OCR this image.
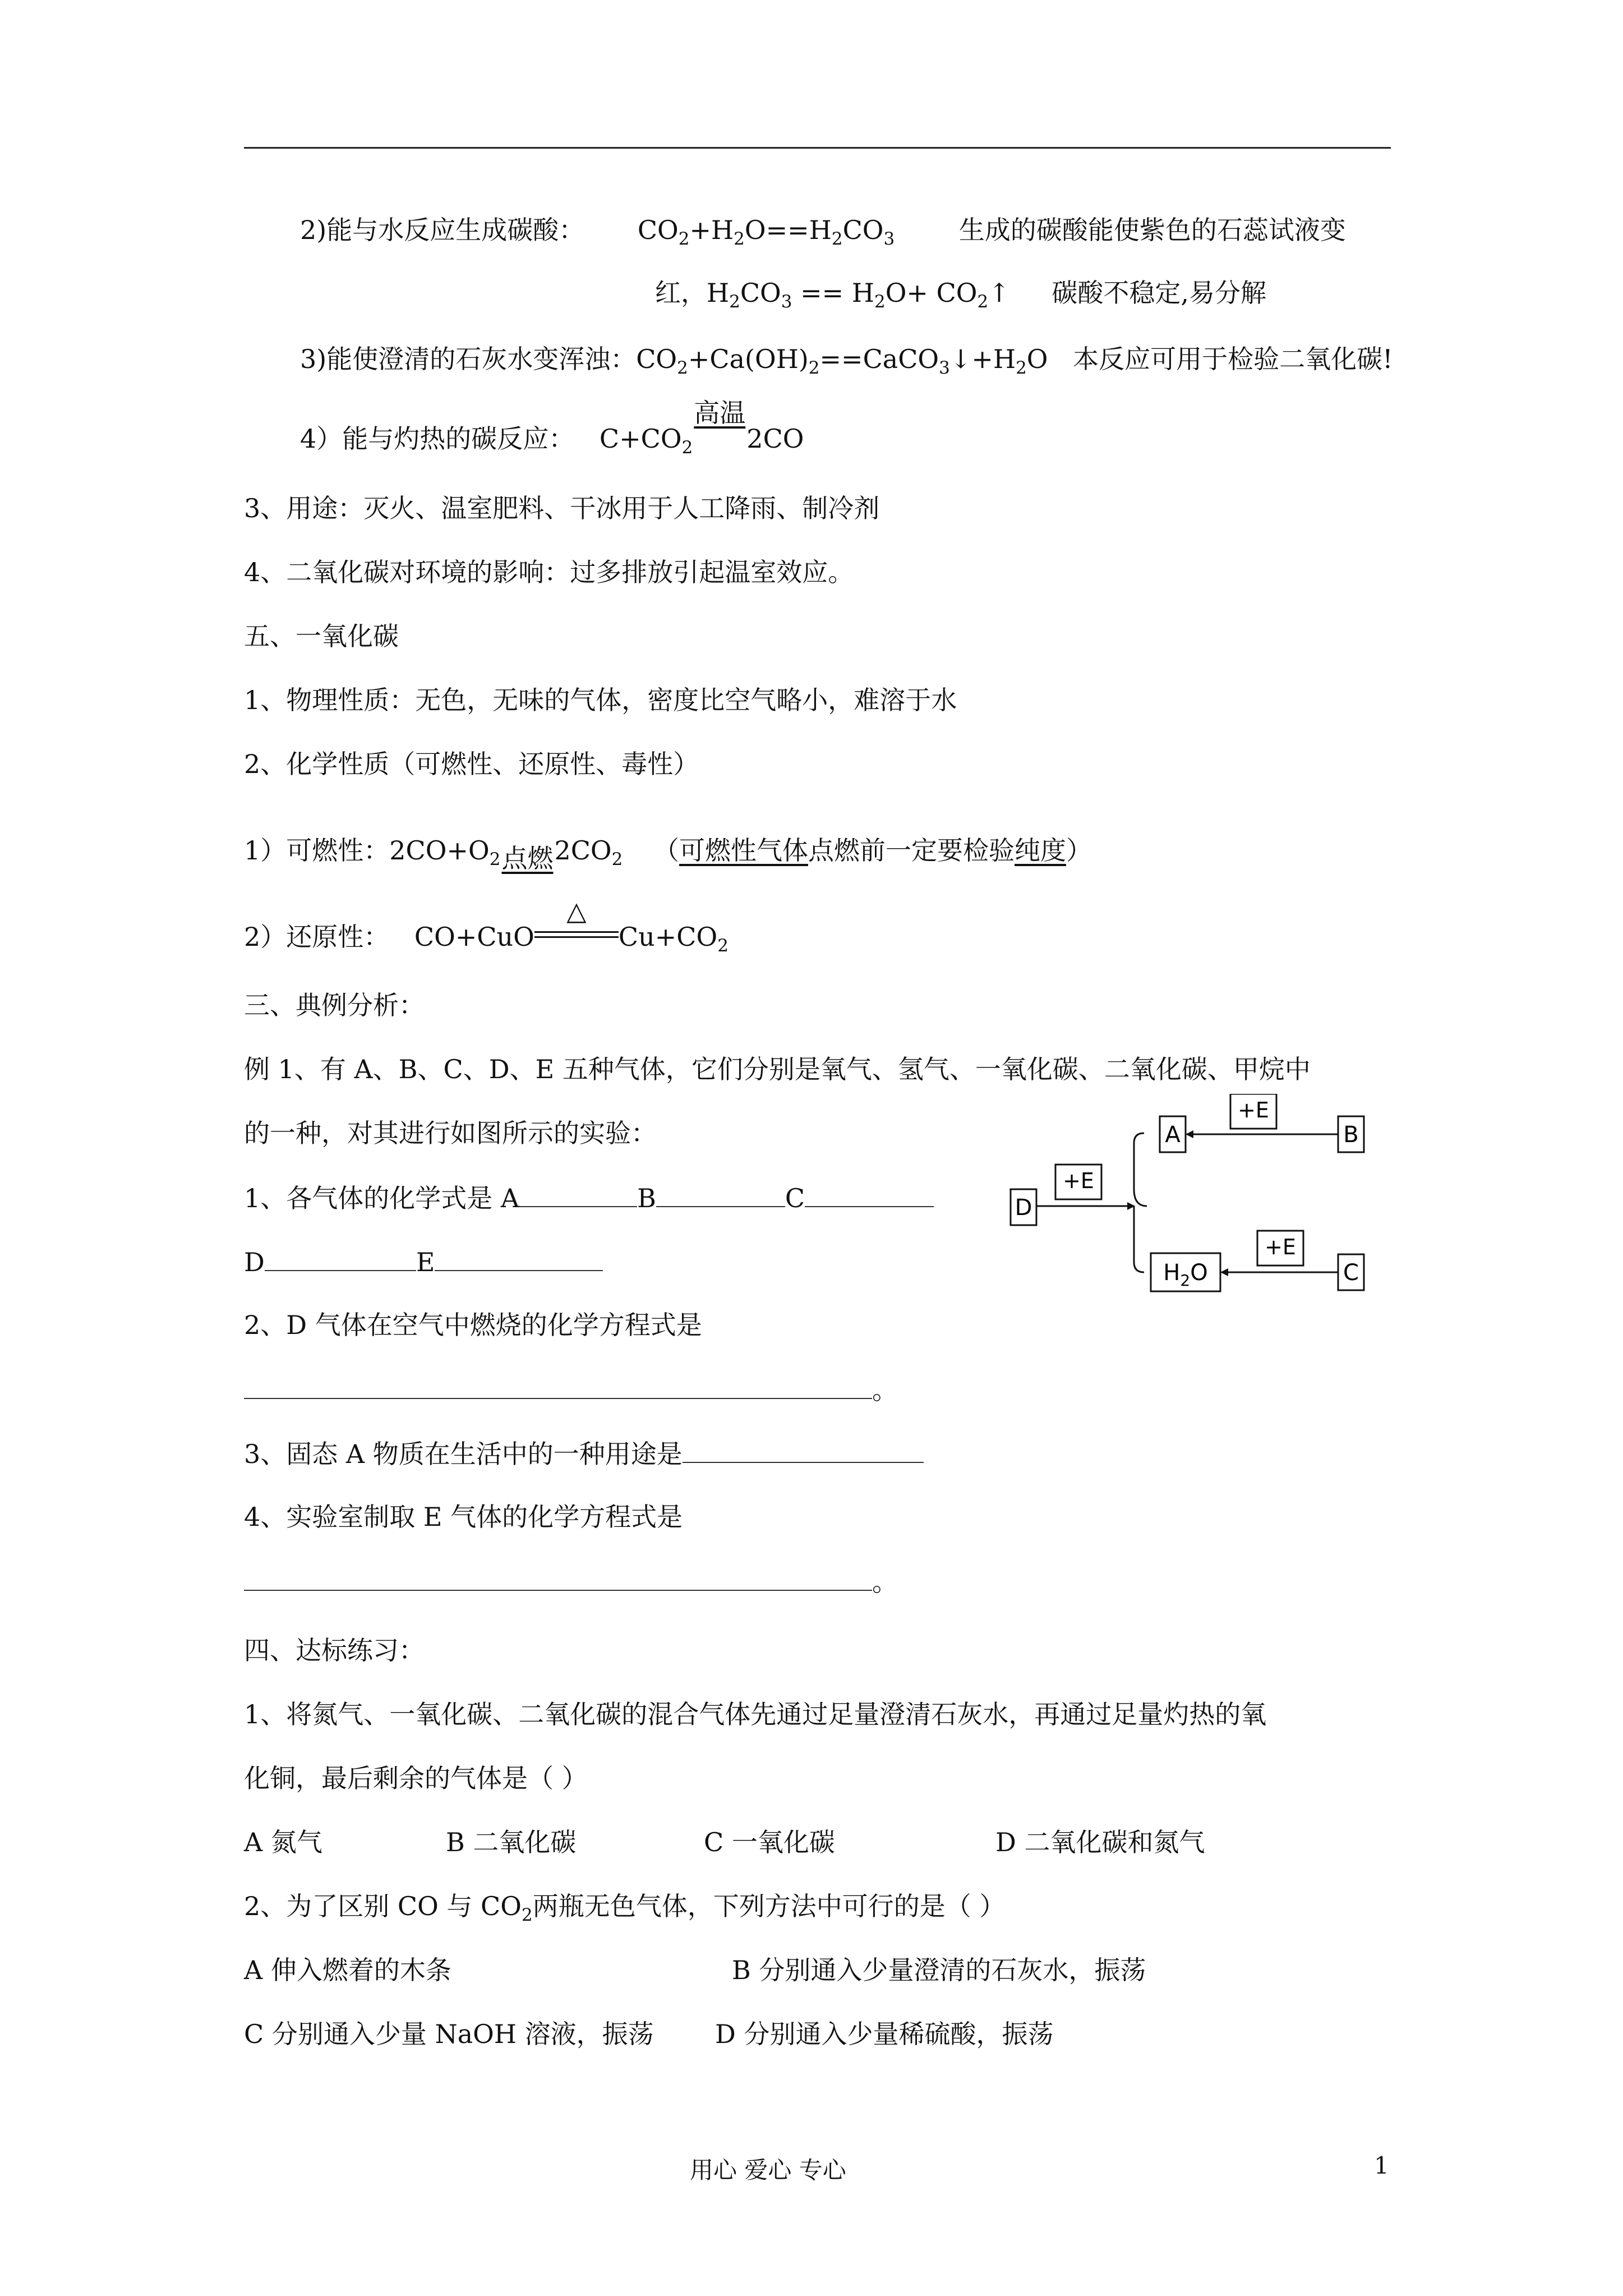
2)能与水反应生成碳酸： $CO_2+H_2O==H_2CO_3$ 生成的碳酸能使紫色的石蕊试液变
红，$H_2CO_3 == H_2O+$ $CO_2↑$ 碳酸不稳定,易分解
3)能使澄清的石灰水变浑浊：$CO_2+Ca(OH)_2==CaCO_3↓+H_2O$ 本反应可用于检验二氧化碳!
4）能与灼热的碳反应： $C+CO_2$
高温
2CO
3、用途：灭火、温室肥料、干冰用于人工降雨、制冷剂
4、二氧化碳对环境的影响：过多排放引起温室效应。
五、一氧化碳
1、物理性质：无色，无味的气体，密度比空气略小，难溶于水
2、化学性质（可燃性、还原性、毒性）
1）可燃性：$2CO+O_2$ 点燃 $2CO_2$ （可燃性气体点燃前一定要检验纯度）
2）还原性： CO+CuO
△
$Cu+CO_2$
三、典例分析：
例 1、有 A、B、C、D、E 五种气体，它们分别是氧气、氢气、一氧化碳、二氧化碳、甲烷中
的一种，对其进行如图所示的实验：
1、各气体的化学式是 A	B	C
D	E
2、D 气体在空气中燃烧的化学方程式是
。
3、固态 A 物质在生活中的一种用途是
4、实验室制取 E 气体的化学方程式是
。
D
+E
A	B
+E
$H_2O$	C
+E
四、达标练习：
1、将氮气、一氧化碳、二氧化碳的混合气体先通过足量澄清石灰水，再通过足量灼热的氧
化铜，最后剩余的气体是（ ）
A 氮气	B 二氧化碳	C 一氧化碳	D 二氧化碳和氮气
2、为了区别 CO 与 $CO_2$两瓶无色气体，下列方法中可行的是（ ）
A 伸入燃着的木条	B 分别通入少量澄清的石灰水，振荡
C 分别通入少量 NaOH 溶液，振荡 D 分别通入少量稀硫酸，振荡
用心 爱心 专心	1
